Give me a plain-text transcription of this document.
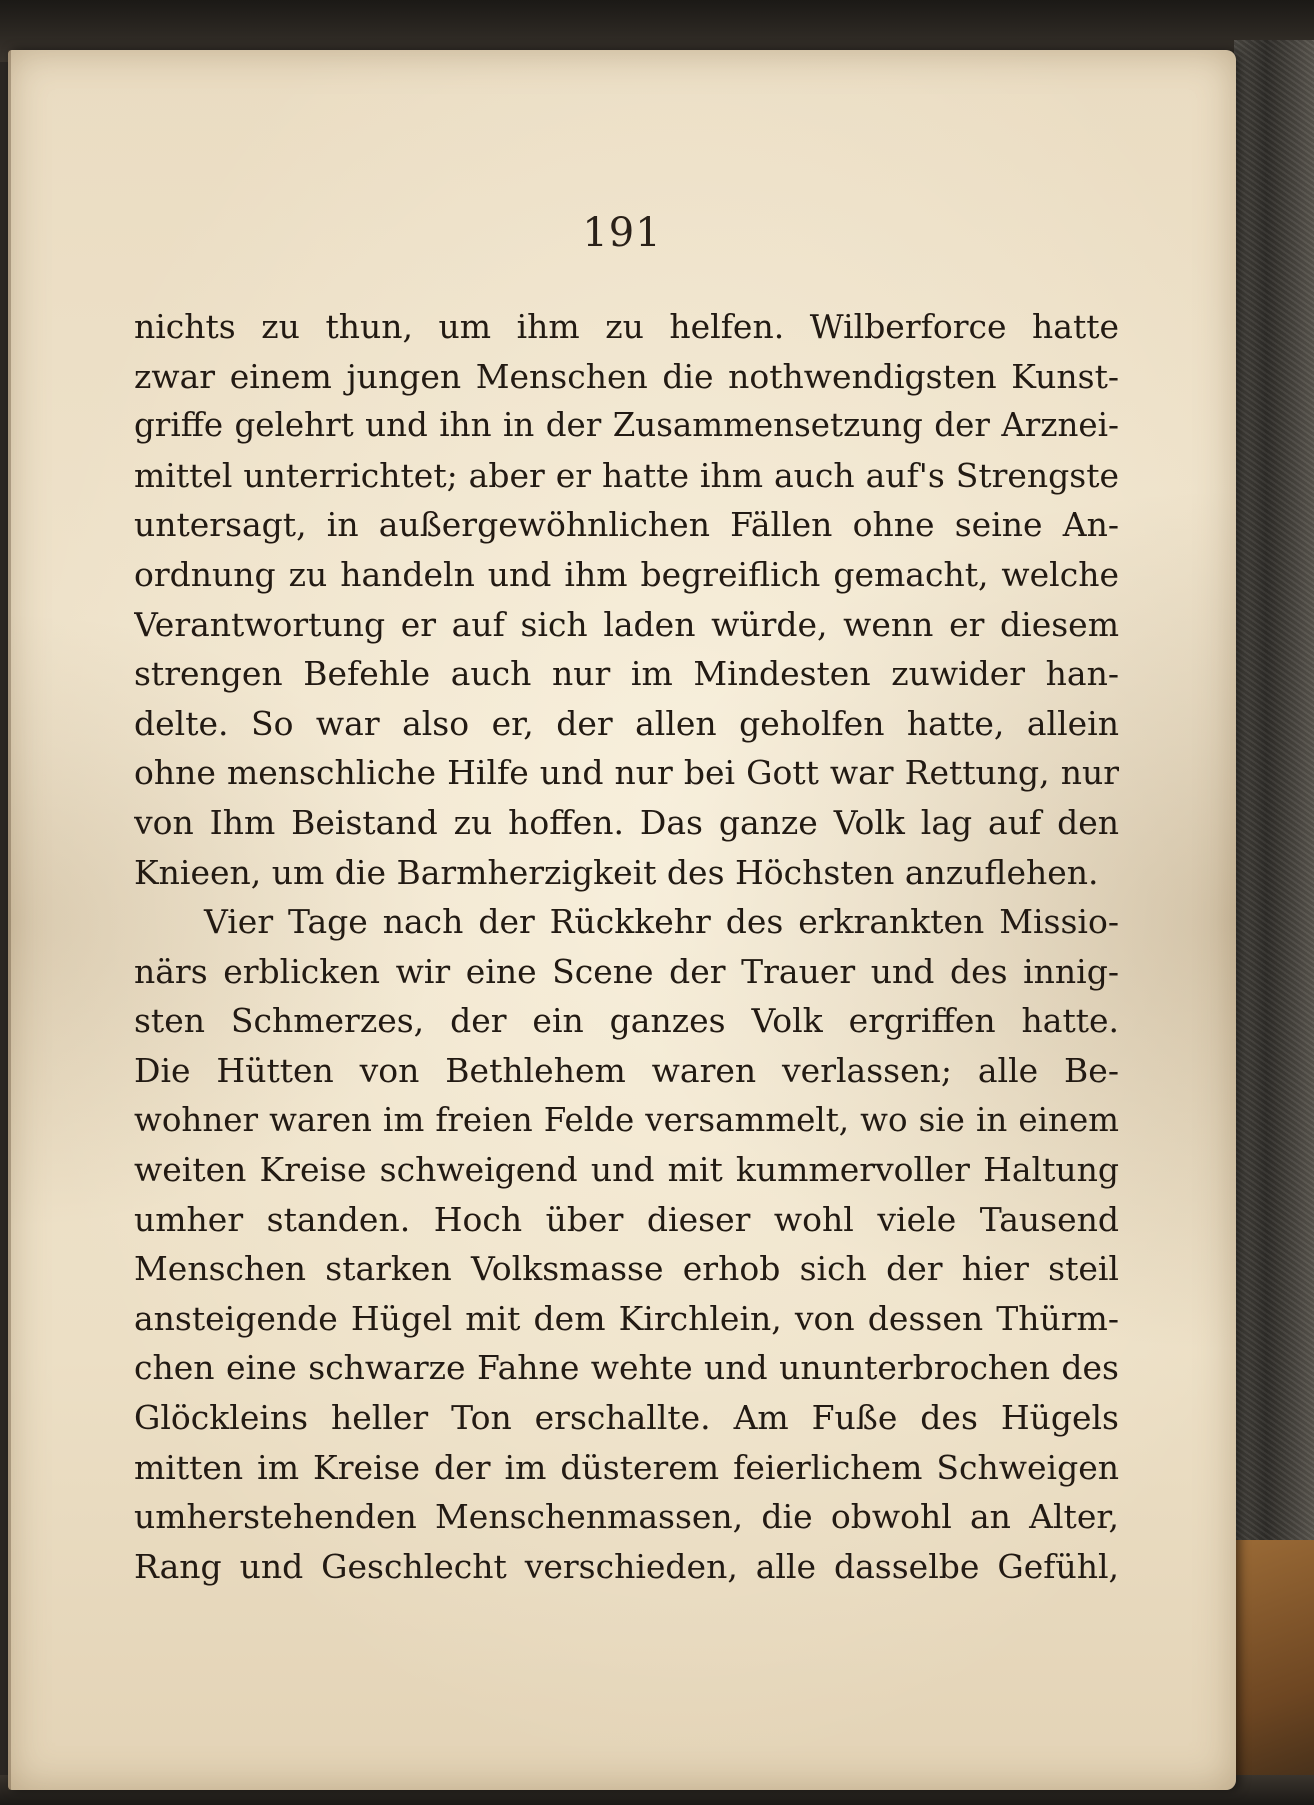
191
nichts zu thun, um ihm zu helfen. Wilberforce hatte
zwar einem jungen Menschen die nothwendigsten Kunst-
griffe gelehrt und ihn in der Zusammensetzung der Arznei-
mittel unterrichtet; aber er hatte ihm auch auf's Strengste
untersagt, in außergewöhnlichen Fällen ohne seine An-
ordnung zu handeln und ihm begreiflich gemacht, welche
Verantwortung er auf sich laden würde, wenn er diesem
strengen Befehle auch nur im Mindesten zuwider han-
delte. So war also er, der allen geholfen hatte, allein
ohne menschliche Hilfe und nur bei Gott war Rettung, nur
von Ihm Beistand zu hoffen. Das ganze Volk lag auf den
Knieen, um die Barmherzigkeit des Höchsten anzuflehen.
Vier Tage nach der Rückkehr des erkrankten Missio-
närs erblicken wir eine Scene der Trauer und des innig-
sten Schmerzes, der ein ganzes Volk ergriffen hatte.
Die Hütten von Bethlehem waren verlassen; alle Be-
wohner waren im freien Felde versammelt, wo sie in einem
weiten Kreise schweigend und mit kummervoller Haltung
umher standen. Hoch über dieser wohl viele Tausend
Menschen starken Volksmasse erhob sich der hier steil
ansteigende Hügel mit dem Kirchlein, von dessen Thürm-
chen eine schwarze Fahne wehte und ununterbrochen des
Glöckleins heller Ton erschallte. Am Fuße des Hügels
mitten im Kreise der im düsterem feierlichem Schweigen
umherstehenden Menschenmassen, die obwohl an Alter,
Rang und Geschlecht verschieden, alle dasselbe Gefühl,
